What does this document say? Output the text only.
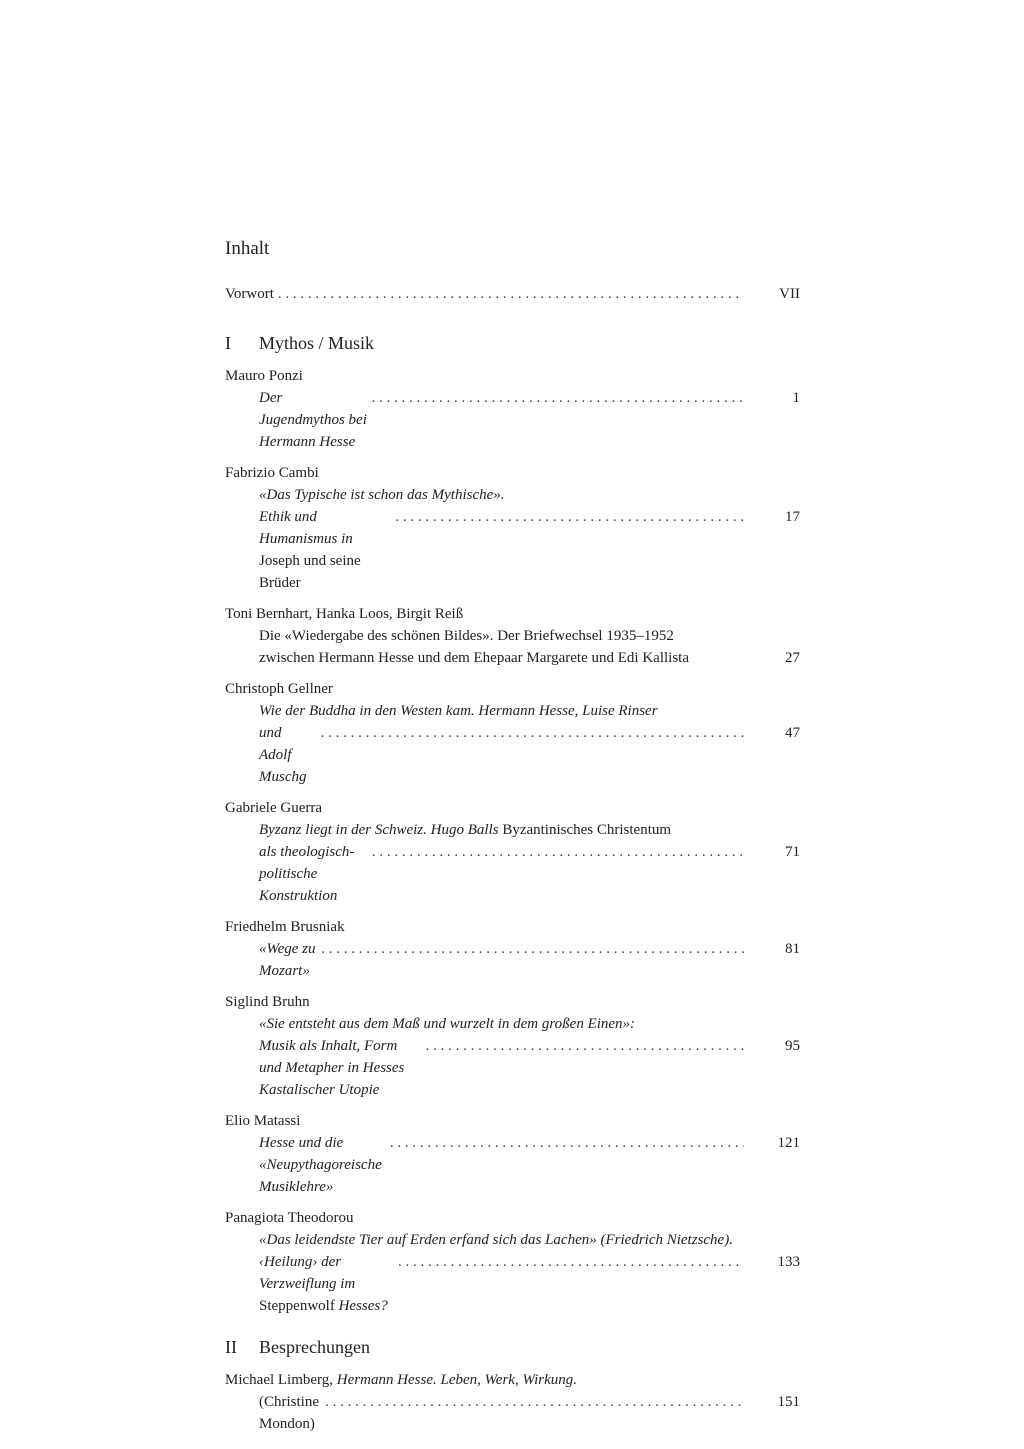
Inhalt
Vorwort
. . .	VII
I	Mythos / Musik
Mauro Ponzi
Der Jugendmythos bei Hermann Hesse
. . .
1
Fabrizio Cambi
«Das Typische ist schon das Mythische».
Ethik und Humanismus in Joseph und seine Brüder
. . .
17
Toni Bernhart, Hanka Loos, Birgit Reiß
Die «Wiedergabe des schönen Bildes». Der Briefwechsel 1935–1952
zwischen Hermann Hesse und dem Ehepaar Margarete und Edi Kallista	27
Christoph Gellner
Wie der Buddha in den Westen kam. Hermann Hesse, Luise Rinser
und Adolf Muschg
. . .
47
Gabriele Guerra
Byzanz liegt in der Schweiz. Hugo Balls Byzantinisches Christentum
als theologisch-politische Konstruktion
. . .
71
Friedhelm Brusniak
«Wege zu Mozart»
. . .
81
Siglind Bruhn
«Sie entsteht aus dem Maß und wurzelt in dem großen Einen»:
Musik als Inhalt, Form und Metapher in Hesses Kastalischer Utopie
. . .
95
Elio Matassi
Hesse und die «Neupythagoreische Musiklehre»
. . .
121
Panagiota Theodorou
«Das leidendste Tier auf Erden erfand sich das Lachen» (Friedrich Nietzsche).
‹Heilung› der Verzweiflung im Steppenwolf Hesses?
. . .
133
II	Besprechungen
Michael Limberg, Hermann Hesse. Leben, Werk, Wirkung.
(Christine Mondon)
. . .
151
